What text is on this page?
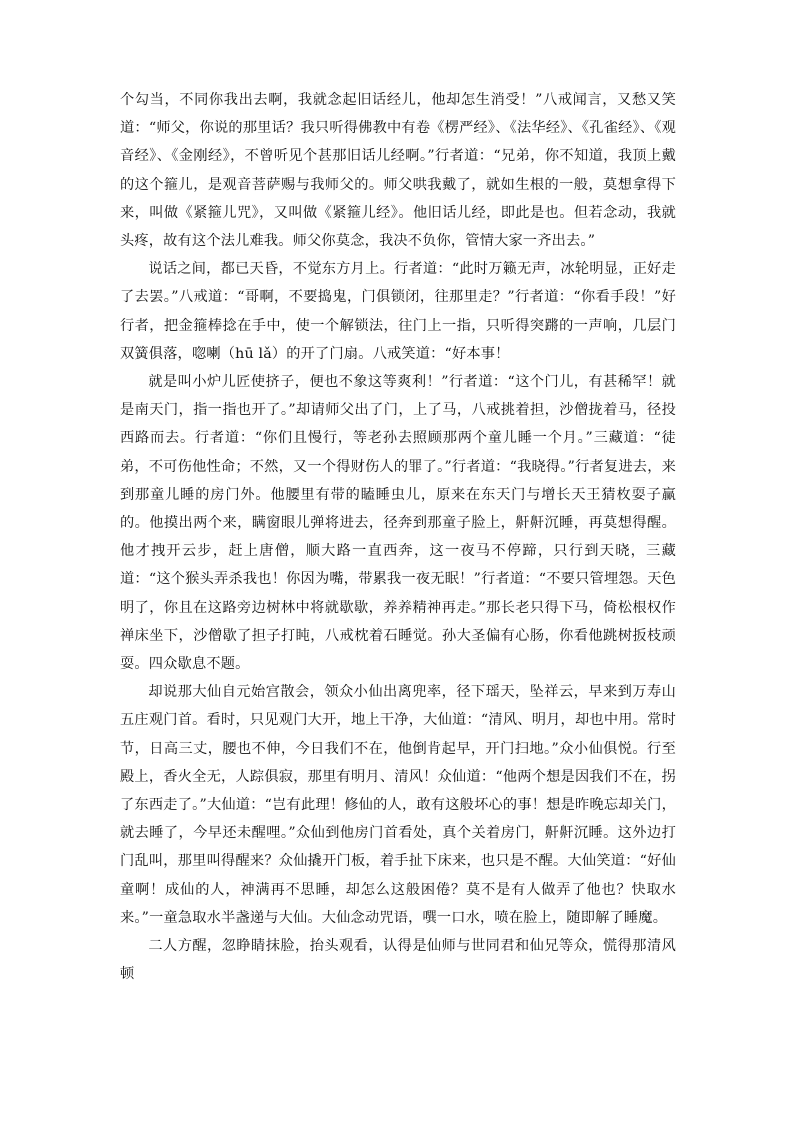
个勾当，不同你我出去啊，我就念起旧话经儿，他却怎生消受！”八戒闻言，又愁又笑道：“师父，你说的那里话？我只听得佛教中有卷《楞严经》、《法华经》、《孔雀经》、《观音经》、《金刚经》，不曾听见个甚那旧话儿经啊。”行者道：“兄弟，你不知道，我顶上戴的这个箍儿，是观音菩萨赐与我师父的。师父哄我戴了，就如生根的一般，莫想拿得下来，叫做《紧箍儿咒》，又叫做《紧箍儿经》。他旧话儿经，即此是也。但若念动，我就头疼，故有这个法儿难我。师父你莫念，我决不负你，管情大家一齐出去。”

说话之间，都已天昏，不觉东方月上。行者道：“此时万籁无声，冰轮明显，正好走了去罢。”八戒道：“哥啊，不要捣鬼，门俱锁闭，往那里走？”行者道：“你看手段！”好行者，把金箍棒捻在手中，使一个解锁法，往门上一指，只听得突蹡的一声响，几层门双簧俱落，唿喇（hū lǎ）的开了门扇。八戒笑道：“好本事！

就是叫小炉儿匠使挤子，便也不象这等爽利！”行者道：“这个门儿，有甚稀罕！就是南天门，指一指也开了。”却请师父出了门，上了马，八戒挑着担，沙僧拢着马，径投西路而去。行者道：“你们且慢行，等老孙去照顾那两个童儿睡一个月。”三藏道：“徒弟，不可伤他性命；不然，又一个得财伤人的罪了。”行者道：“我晓得。”行者复进去，来到那童儿睡的房门外。他腰里有带的瞌睡虫儿，原来在东天门与增长天王猜枚耍子赢的。他摸出两个来，瞒窗眼儿弹将进去，径奔到那童子脸上，鼾鼾沉睡，再莫想得醒。他才拽开云步，赶上唐僧，顺大路一直西奔，这一夜马不停蹄，只行到天晓，三藏道：“这个猴头弄杀我也！你因为嘴，带累我一夜无眠！”行者道：“不要只管埋怨。天色明了，你且在这路旁边树林中将就歇歇，养养精神再走。”那长老只得下马，倚松根权作禅床坐下，沙僧歇了担子打盹，八戒枕着石睡觉。孙大圣偏有心肠，你看他跳树扳枝顽耍。四众歇息不题。

却说那大仙自元始宫散会，领众小仙出离兜率，径下瑶天，坠祥云，早来到万寿山五庄观门首。看时，只见观门大开，地上干净，大仙道：“清风、明月，却也中用。常时节，日高三丈，腰也不伸，今日我们不在，他倒肯起早，开门扫地。”众小仙俱悦。行至殿上，香火全无，人踪俱寂，那里有明月、清风！众仙道：“他两个想是因我们不在，拐了东西走了。”大仙道：“岂有此理！修仙的人，敢有这般坏心的事！想是昨晚忘却关门，就去睡了，今早还未醒哩。”众仙到他房门首看处，真个关着房门，鼾鼾沉睡。这外边打门乱叫，那里叫得醒来？众仙撬开门板，着手扯下床来，也只是不醒。大仙笑道：“好仙童啊！成仙的人，神满再不思睡，却怎么这般困倦？莫不是有人做弄了他也？快取水来。”一童急取水半盏递与大仙。大仙念动咒语，噀一口水，喷在脸上，随即解了睡魔。

二人方醒，忽睁睛抹脸，抬头观看，认得是仙师与世同君和仙兄等众，慌得那清风顿
